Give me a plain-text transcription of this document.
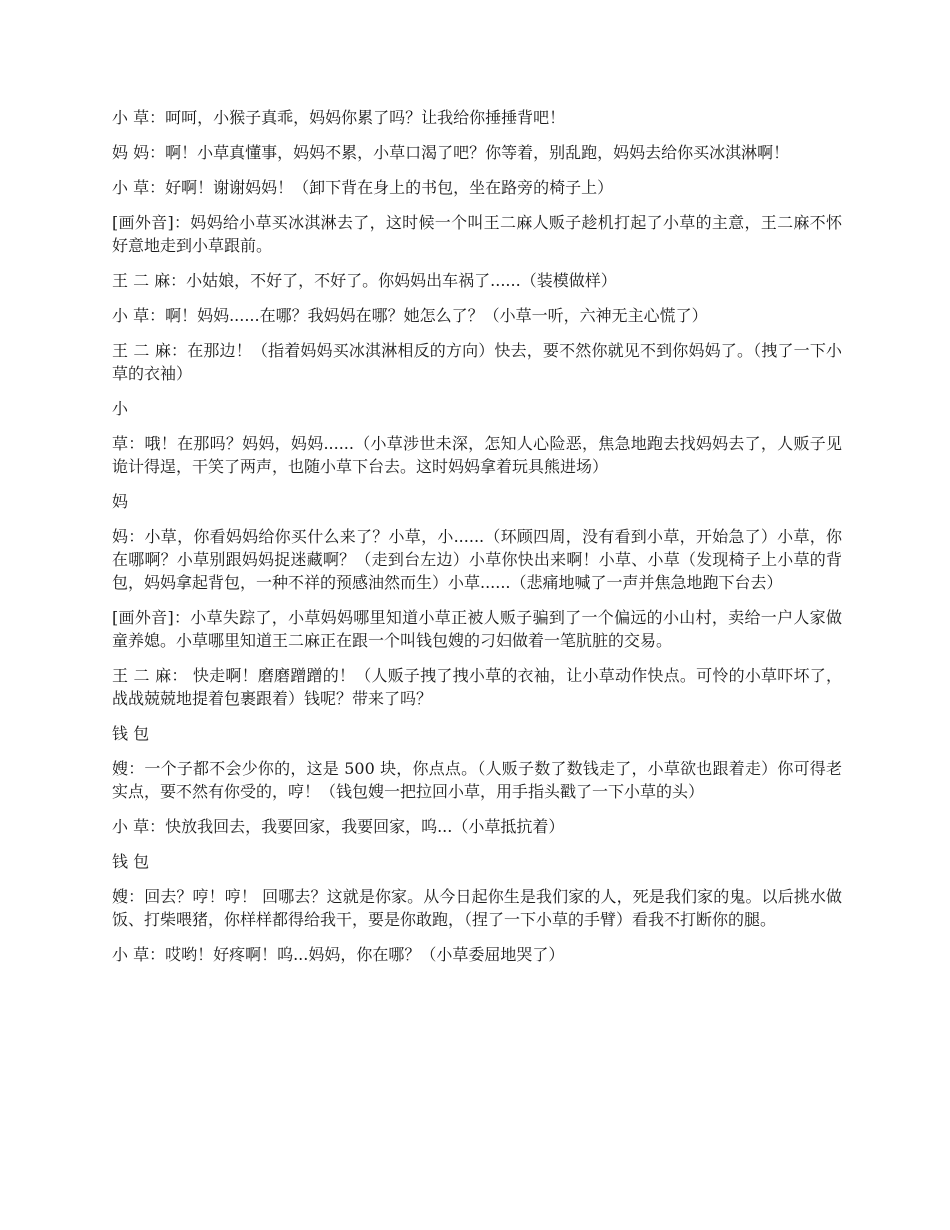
小 草：呵呵，小猴子真乖，妈妈你累了吗？让我给你捶捶背吧！

妈 妈：啊！小草真懂事，妈妈不累，小草口渴了吧？你等着，别乱跑，妈妈去给你买冰淇淋啊！

小 草：好啊！谢谢妈妈！（卸下背在身上的书包，坐在路旁的椅子上）

[画外音]：妈妈给小草买冰淇淋去了，这时候一个叫王二麻人贩子趁机打起了小草的主意，王二麻不怀好意地走到小草跟前。

王 二 麻：小姑娘，不好了，不好了。你妈妈出车祸了......（装模做样）

小 草：啊！妈妈......在哪？我妈妈在哪？她怎么了？（小草一听，六神无主心慌了）

王 二 麻：在那边！（指着妈妈买冰淇淋相反的方向）快去，要不然你就见不到你妈妈了。（拽了一下小草的衣袖）

小

草：哦！在那吗？妈妈，妈妈......（小草涉世未深，怎知人心险恶，焦急地跑去找妈妈去了，人贩子见诡计得逞，干笑了两声，也随小草下台去。这时妈妈拿着玩具熊进场）

妈

妈：小草，你看妈妈给你买什么来了？小草，小......（环顾四周，没有看到小草，开始急了）小草，你在哪啊？小草别跟妈妈捉迷藏啊？（走到台左边）小草你快出来啊！小草、小草（发现椅子上小草的背包，妈妈拿起背包，一种不祥的预感油然而生）小草......（悲痛地喊了一声并焦急地跑下台去）

[画外音]：小草失踪了，小草妈妈哪里知道小草正被人贩子骗到了一个偏远的小山村，卖给一户人家做童养媳。小草哪里知道王二麻正在跟一个叫钱包嫂的刁妇做着一笔肮脏的交易。

王 二 麻： 快走啊！磨磨蹭蹭的！（人贩子拽了拽小草的衣袖，让小草动作快点。可怜的小草吓坏了，战战兢兢地提着包裹跟着）钱呢？带来了吗？

钱 包

嫂：一个子都不会少你的，这是 500 块，你点点。（人贩子数了数钱走了，小草欲也跟着走）你可得老实点，要不然有你受的，哼！（钱包嫂一把拉回小草，用手指头戳了一下小草的头）

小 草：快放我回去，我要回家，我要回家，呜...（小草抵抗着）

钱 包

嫂：回去？哼！哼！ 回哪去？这就是你家。从今日起你生是我们家的人，死是我们家的鬼。以后挑水做饭、打柴喂猪，你样样都得给我干，要是你敢跑，（捏了一下小草的手臂）看我不打断你的腿。

小 草：哎哟！好疼啊！呜...妈妈，你在哪？（小草委屈地哭了）
